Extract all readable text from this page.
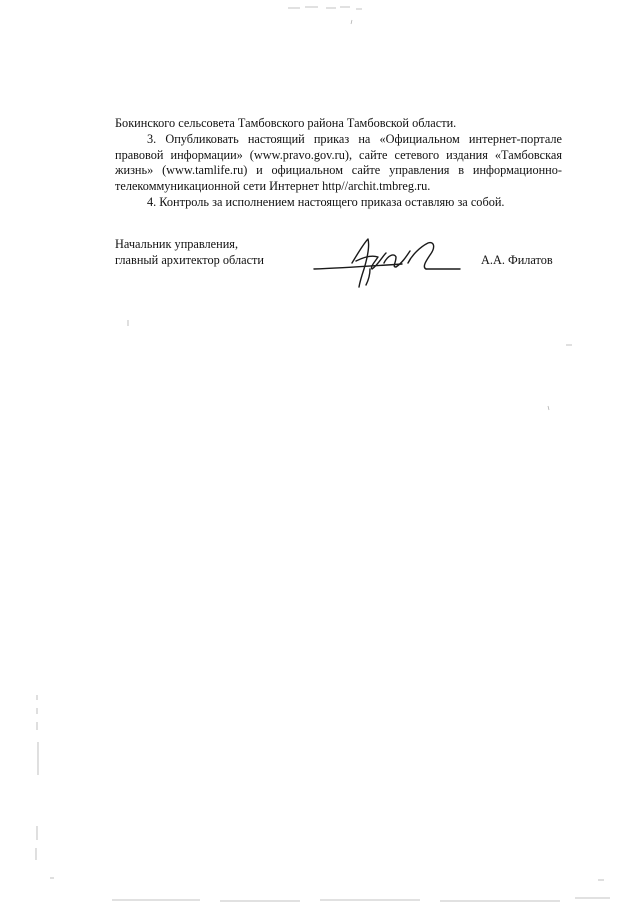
Бокинского сельсовета Тамбовского района Тамбовской области.

3. Опубликовать настоящий приказ на «Официальном интернет-портале правовой информации» (www.pravo.gov.ru), сайте сетевого издания «Тамбовская жизнь» (www.tamlife.ru) и официальном сайте управления в информационно-телекоммуникационной сети Интернет http//archit.tmbreg.ru.

4. Контроль за исполнением настоящего приказа оставляю за собой.

Начальник управления,
главный архитектор области	А.А. Филатов
